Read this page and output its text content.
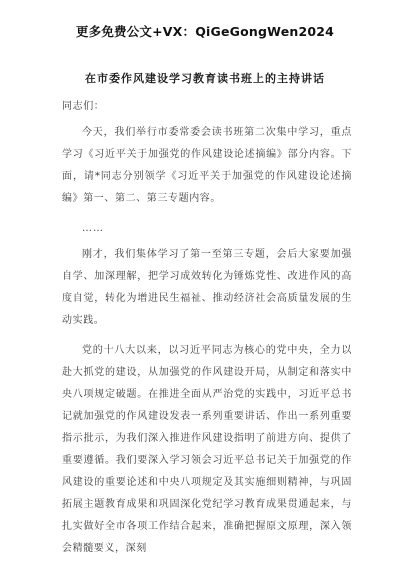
更多免费公文+VX：QiGeGongWen2024
在市委作风建设学习教育读书班上的主持讲话

同志们：

今天，我们举行市委常委会读书班第二次集中学习，重点学习《习近平关于加强党的作风建设论述摘编》部分内容。下面，请*同志分别领学《习近平关于加强党的作风建设论述摘编》第一、第二、第三专题内容。

……

刚才，我们集体学习了第一至第三专题，会后大家要加强自学、加深理解，把学习成效转化为锤炼党性、改进作风的高度自觉，转化为增进民生福祉、推动经济社会高质量发展的生动实践。

党的十八大以来，以习近平同志为核心的党中央，全力以赴大抓党的建设，从加强党的作风建设开局，从制定和落实中央八项规定破题。在推进全面从严治党的实践中，习近平总书记就加强党的作风建设发表一系列重要讲话、作出一系列重要指示批示，为我们深入推进作风建设指明了前进方向、提供了重要遵循。我们要深入学习领会习近平总书记关于加强党的作风建设的重要论述和中央八项规定及其实施细则精神，与巩固拓展主题教育成果和巩固深化党纪学习教育成果贯通起来，与扎实做好全市各项工作结合起来，准确把握原文原理，深入领会精髓要义，深刻
